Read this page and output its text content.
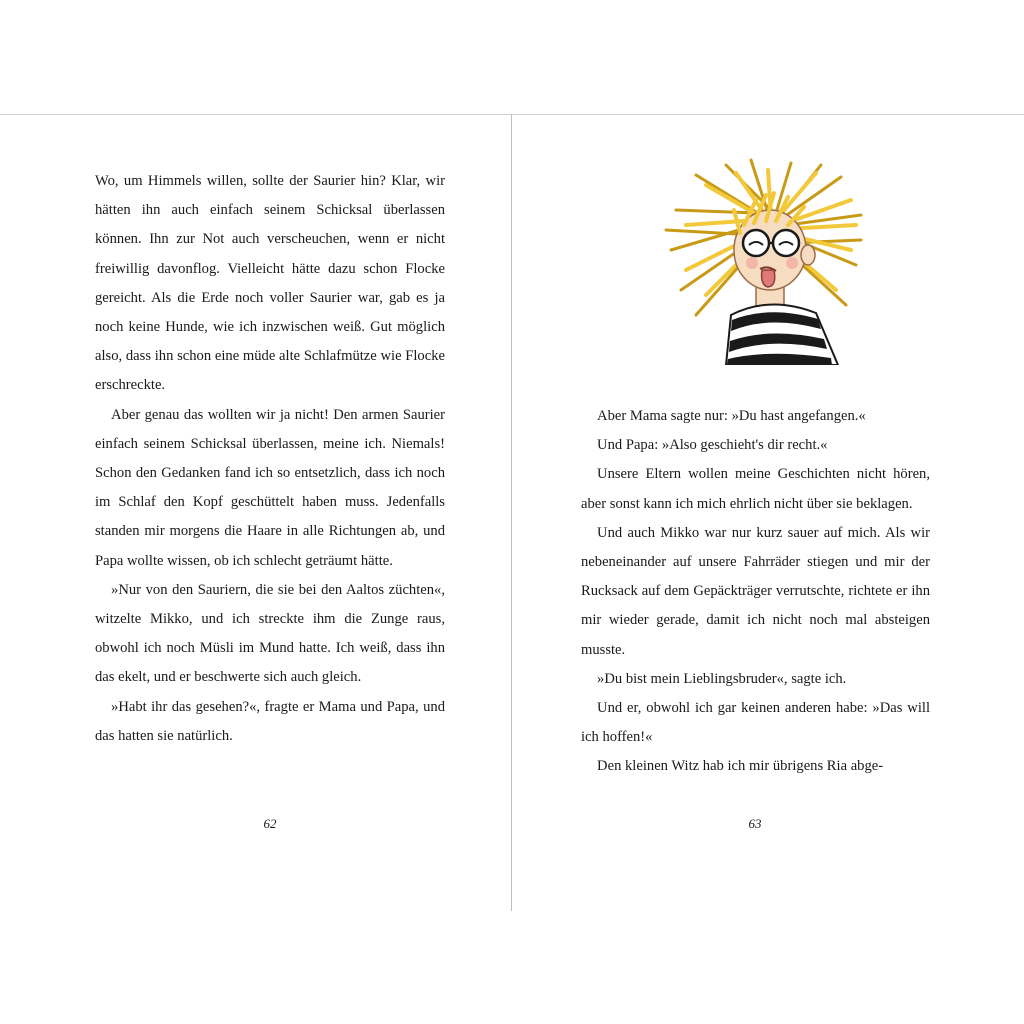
Wo, um Himmels willen, sollte der Saurier hin? Klar, wir hätten ihn auch einfach seinem Schicksal überlassen können. Ihn zur Not auch verscheuchen, wenn er nicht freiwillig davonflog. Vielleicht hätte dazu schon Flocke gereicht. Als die Erde noch voller Saurier war, gab es ja noch keine Hunde, wie ich inzwischen weiß. Gut möglich also, dass ihn schon eine müde alte Schlafmütze wie Flocke erschreckte.

Aber genau das wollten wir ja nicht! Den armen Saurier einfach seinem Schicksal überlassen, meine ich. Niemals! Schon den Gedanken fand ich so entsetzlich, dass ich noch im Schlaf den Kopf geschüttelt haben muss. Jedenfalls standen mir morgens die Haare in alle Richtungen ab, und Papa wollte wissen, ob ich schlecht geträumt hätte.

»Nur von den Sauriern, die sie bei den Aaltos züchten«, witzelte Mikko, und ich streckte ihm die Zunge raus, obwohl ich noch Müsli im Mund hatte. Ich weiß, dass ihn das ekelt, und er beschwerte sich auch gleich.

»Habt ihr das gesehen?«, fragte er Mama und Papa, und das hatten sie natürlich.

62

Aber Mama sagte nur: »Du hast angefangen.«

Und Papa: »Also geschieht's dir recht.«

Unsere Eltern wollen meine Geschichten nicht hören, aber sonst kann ich mich ehrlich nicht über sie beklagen.

Und auch Mikko war nur kurz sauer auf mich. Als wir nebeneinander auf unsere Fahrräder stiegen und mir der Rucksack auf dem Gepäckträger verrutschte, richtete er ihn mir wieder gerade, damit ich nicht noch mal absteigen musste.

»Du bist mein Lieblingsbruder«, sagte ich.

Und er, obwohl ich gar keinen anderen habe: »Das will ich hoffen!«

Den kleinen Witz hab ich mir übrigens Ria abge-

63
